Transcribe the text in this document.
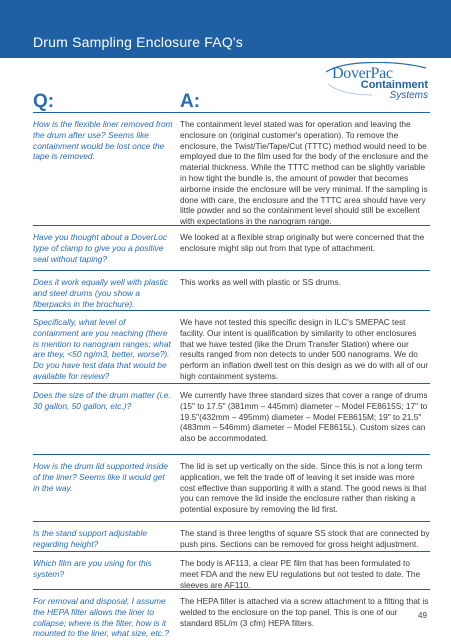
Drum Sampling Enclosure FAQ's
DoverPac
Containment
Systems
Q:	A:
How is the flexible liner removed from the drum after use? Seems like containment would be lost once the tape is removed.
The containment level stated was for operation and leaving the enclosure on (original customer's operation). To remove the enclosure, the Twist/Tie/Tape/Cut (TTTC) method would need to be employed due to the film used for the body of the enclosure and the material thickness. While the TTTC method can be slightly variable in how tight the bundle is, the amount of powder that becomes airborne inside the enclosure will be very minimal. If the sampling is done with care, the enclosure and the TTTC area should have very little powder and so the containment level should still be excellent with expectations in the nanogram range.
Have you thought about a DoverLoc type of clamp to give you a positive seal without taping?
We looked at a flexible strap originally but were concerned that the enclosure might slip out from that type of attachment.
Does it work equally well with plastic and steel drums (you show a fiberpacks in the brochure).
This works as well with plastic or SS drums.
Specifically, what level of containment are you reaching (there is mention to nanogram ranges; what are they, <50 ng/m3, better, worse?). Do you have test data that would be available for review?
We have not tested this specific design in ILC's SMEPAC test facility. Our intent is qualification by similarity to other enclosures that we have tested (like the Drum Transfer Station) where our results ranged from non detects to under 500 nanograms. We do perform an inflation dwell test on this design as we do with all of our high containment systems.
Does the size of the drum matter (i.e. 30 gallon, 50 gallon, etc.)?
We currently have three standard sizes that cover a range of drums (15" to 17.5" (381mm – 445mm) diameter – Model FE8615S; 17" to 19.5"(432mm – 495mm) diameter – Model FE8615M; 19" to 21.5" (483mm – 546mm) diameter – Model FE8615L). Custom sizes can also be accommodated.
How is the drum lid supported inside of the liner? Seems like it would get in the way.
The lid is set up vertically on the side. Since this is not a long term application, we felt the trade off of leaving it set inside was more cost effective than supporting it with a stand. The good news is that you can remove the lid inside the enclosure rather than risking a potential exposure by removing the lid first.
Is the stand support adjustable regarding height?
The stand is three lengths of square SS stock that are connected by push pins. Sections can be removed for gross height adjustment.
Which film are you using for this system?
The body is AF113, a clear PE film that has been formulated to meet FDA and the new EU regulations but not tested to date. The sleeves are AF110.
For removal and disposal, I assume the HEPA filter allows the liner to collapse; where is the filter, how is it mounted to the liner, what size, etc.?
The HEPA filter is attached via a screw attachment to a fitting that is welded to the enclosure on the top panel. This is one of our standard 85L/m (3 cfm) HEPA filters.
49
